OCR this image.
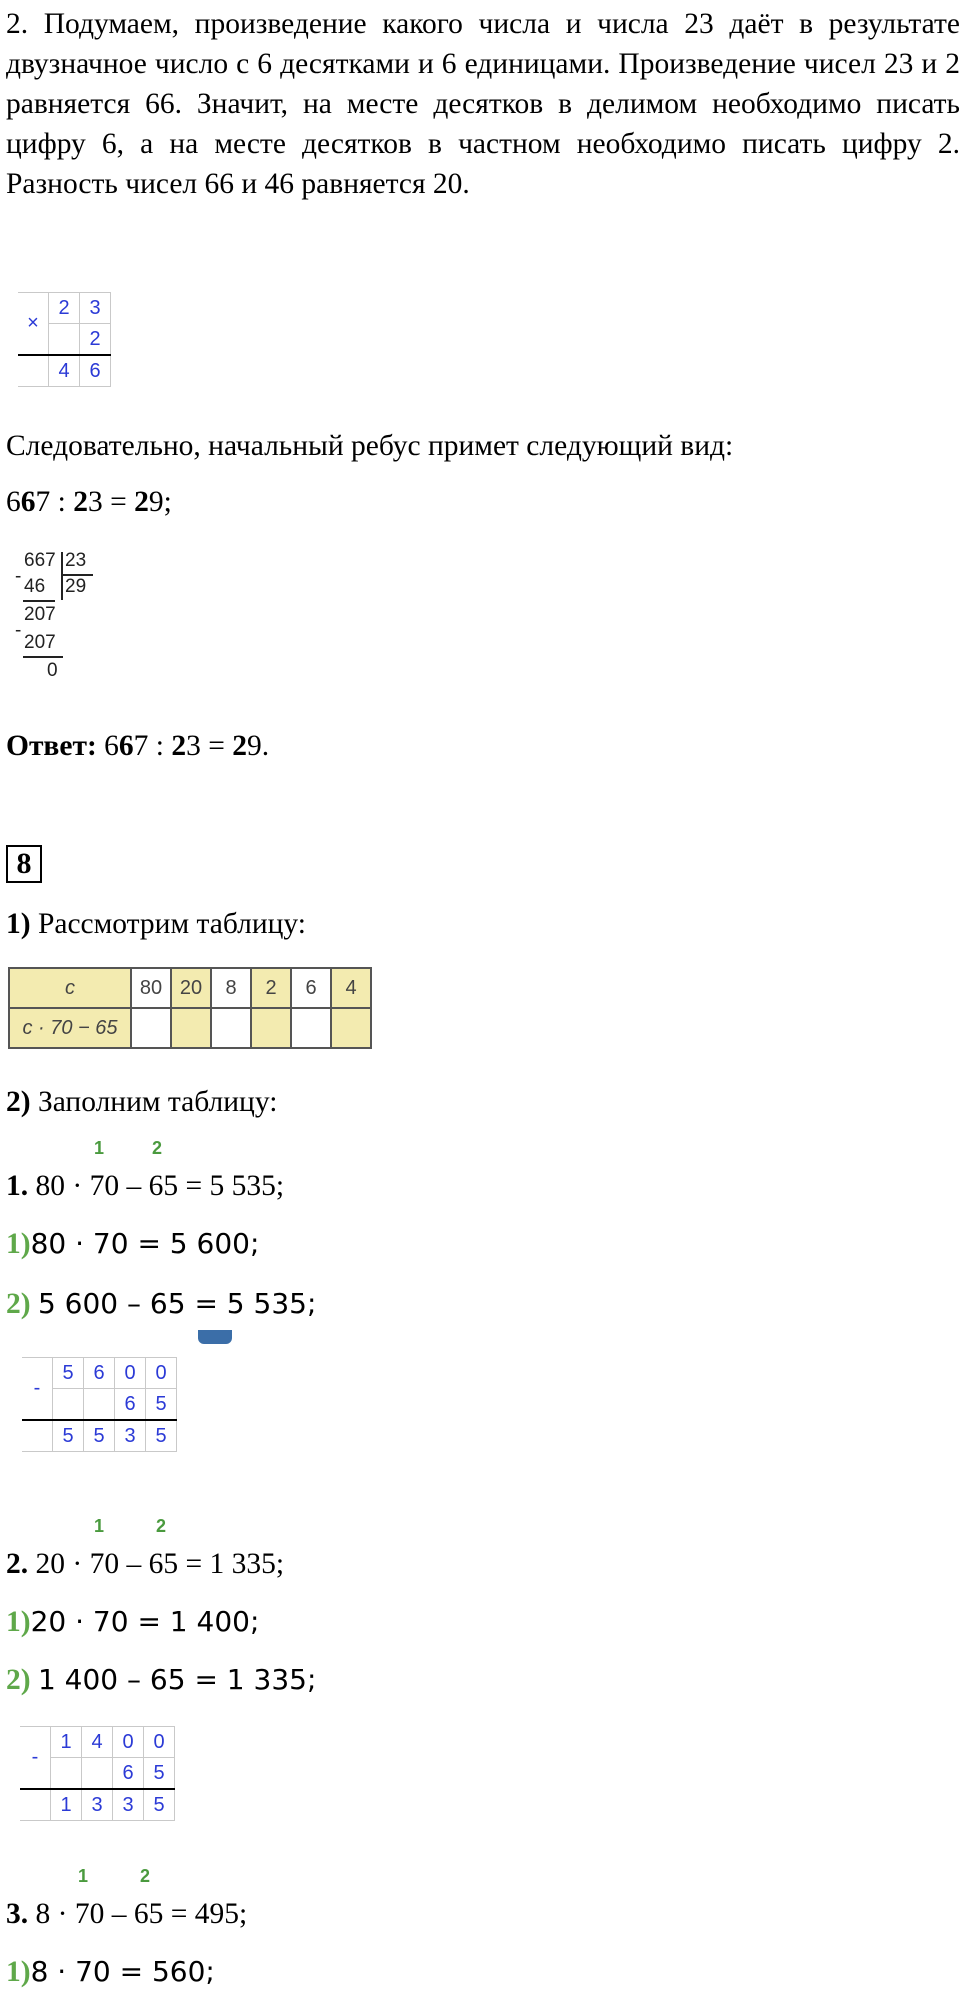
2. Подумаем, произведение какого числа и числа 23 даёт в результате двузначное число с 6 десятками и 6 единицами. Произведение чисел 23 и 2 равняется 66. Значит, на месте десятков в делимом необходимо писать цифру 6, а на месте десятков в частном необходимо писать цифру 2. Разность чисел 66 и 46 равняется 20.
×	2	3
		2
	4	6
Следовательно, начальный ребус примет следующий вид:
667 : 23 = 29;
667 23
29
- 46
207
-
207
0
Ответ: 667 : 23 = 29.
8
1) Рассмотрим таблицу:
c	80	20	8	2	6	4
c · 70 − 65						
2) Заполним таблицу:
1	2
1. 80 · 70 – 65 = 5 535;
1)80 · 70 = 5 600;
2) 5 600 – 65 = 5 535;
-	5	6	0	0
			6	5
	5	5	3	5
1	2
2. 20 · 70 – 65 = 1 335;
1)20 · 70 = 1 400;
2) 1 400 – 65 = 1 335;
-	1	4	0	0
			6	5
	1	3	3	5
1	2
3. 8 · 70 – 65 = 495;
1)8 · 70 = 560;
